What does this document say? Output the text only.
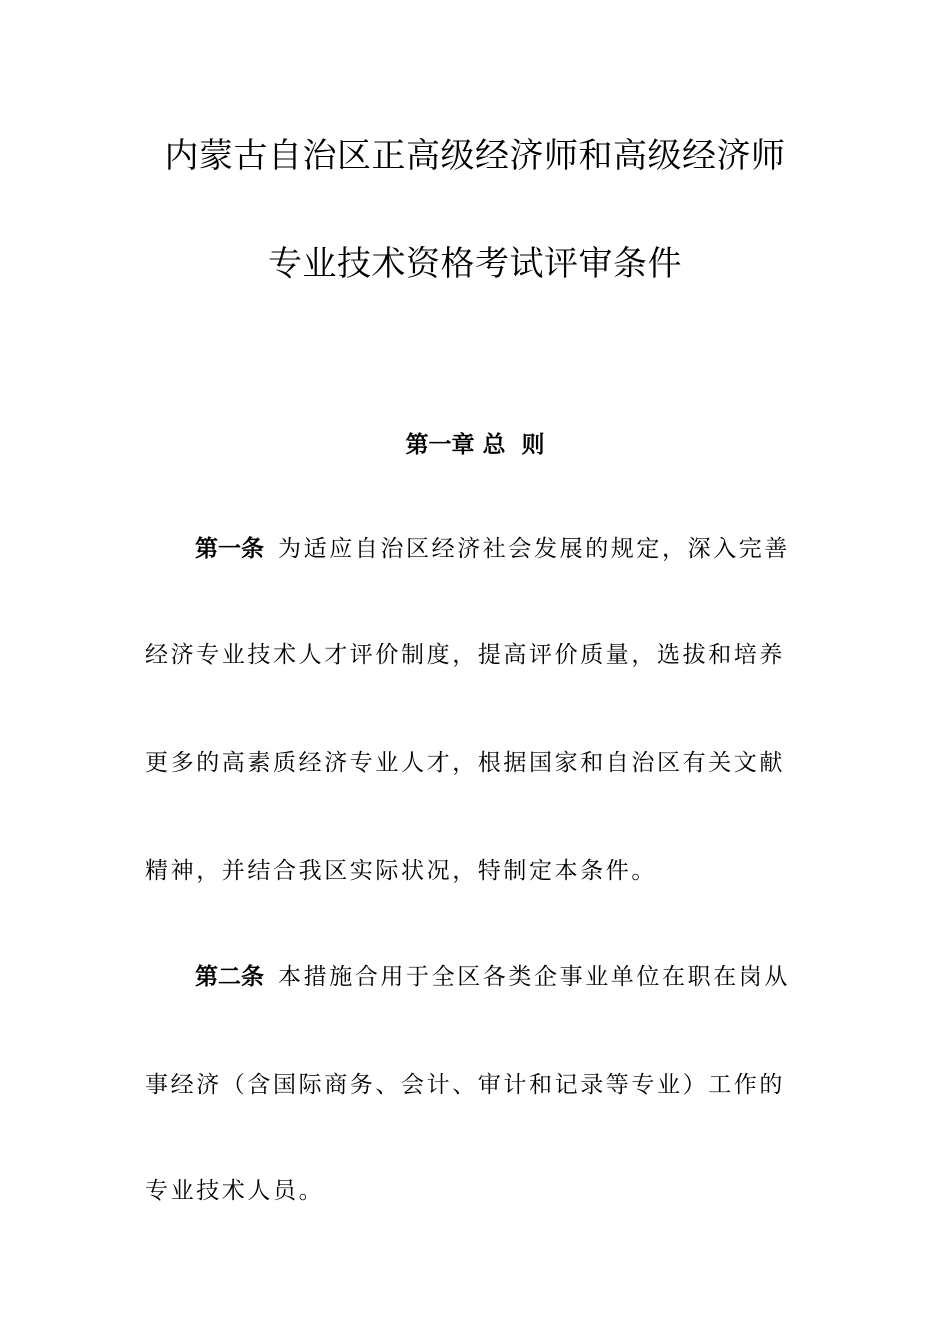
内蒙古自治区正高级经济师和高级经济师
专业技术资格考试评审条件
第一章 总  则
第一条 为适应自治区经济社会发展的规定，深入完善
经济专业技术人才评价制度，提高评价质量，选拔和培养
更多的高素质经济专业人才，根据国家和自治区有关文献
精神，并结合我区实际状况，特制定本条件。
第二条 本措施合用于全区各类企事业单位在职在岗从
事经济（含国际商务、会计、审计和记录等专业）工作的
专业技术人员。
